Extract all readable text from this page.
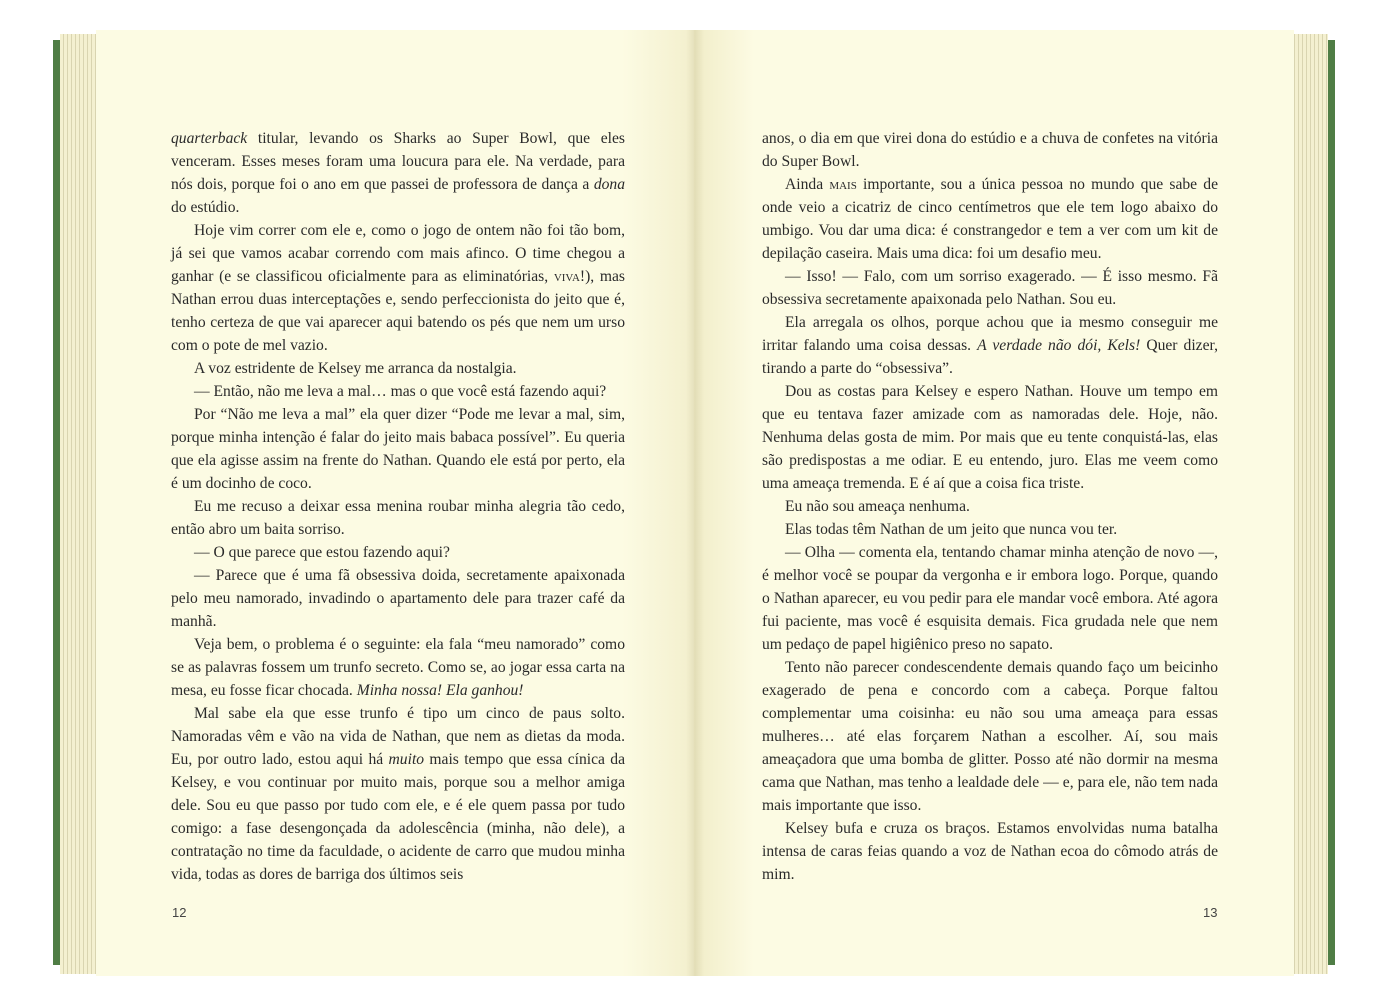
quarterback titular, levando os Sharks ao Super Bowl, que eles venceram. Esses meses foram uma loucura para ele. Na verdade, para nós dois, porque foi o ano em que passei de professora de dança a dona do estúdio.

Hoje vim correr com ele e, como o jogo de ontem não foi tão bom, já sei que vamos acabar correndo com mais afinco. O time chegou a ganhar (e se classificou oficialmente para as eliminatórias, viva!), mas Nathan errou duas interceptações e, sendo perfeccionista do jeito que é, tenho certeza de que vai aparecer aqui batendo os pés que nem um urso com o pote de mel vazio.

A voz estridente de Kelsey me arranca da nostalgia.

— Então, não me leva a mal… mas o que você está fazendo aqui?

Por “Não me leva a mal” ela quer dizer “Pode me levar a mal, sim, porque minha intenção é falar do jeito mais babaca possível”. Eu queria que ela agisse assim na frente do Nathan. Quando ele está por perto, ela é um docinho de coco.

Eu me recuso a deixar essa menina roubar minha alegria tão cedo, então abro um baita sorriso.

— O que parece que estou fazendo aqui?

— Parece que é uma fã obsessiva doida, secretamente apaixonada pelo meu namorado, invadindo o apartamento dele para trazer café da manhã.

Veja bem, o problema é o seguinte: ela fala “meu namorado” como se as palavras fossem um trunfo secreto. Como se, ao jogar essa carta na mesa, eu fosse ficar chocada. Minha nossa! Ela ganhou!

Mal sabe ela que esse trunfo é tipo um cinco de paus solto. Namoradas vêm e vão na vida de Nathan, que nem as dietas da moda. Eu, por outro lado, estou aqui há muito mais tempo que essa cínica da Kelsey, e vou continuar por muito mais, porque sou a melhor amiga dele. Sou eu que passo por tudo com ele, e é ele quem passa por tudo comigo: a fase desengonçada da adolescência (minha, não dele), a contratação no time da faculdade, o acidente de carro que mudou minha vida, todas as dores de barriga dos últimos seis

12

anos, o dia em que virei dona do estúdio e a chuva de confetes na vitória do Super Bowl.

Ainda mais importante, sou a única pessoa no mundo que sabe de onde veio a cicatriz de cinco centímetros que ele tem logo abaixo do umbigo. Vou dar uma dica: é constrangedor e tem a ver com um kit de depilação caseira. Mais uma dica: foi um desafio meu.

— Isso! — Falo, com um sorriso exagerado. — É isso mesmo. Fã obsessiva secretamente apaixonada pelo Nathan. Sou eu.

Ela arregala os olhos, porque achou que ia mesmo conseguir me irritar falando uma coisa dessas. A verdade não dói, Kels! Quer dizer, tirando a parte do “obsessiva”.

Dou as costas para Kelsey e espero Nathan. Houve um tempo em que eu tentava fazer amizade com as namoradas dele. Hoje, não. Nenhuma delas gosta de mim. Por mais que eu tente conquistá-las, elas são predispostas a me odiar. E eu entendo, juro. Elas me veem como uma ameaça tremenda. E é aí que a coisa fica triste.

Eu não sou ameaça nenhuma.

Elas todas têm Nathan de um jeito que nunca vou ter.

— Olha — comenta ela, tentando chamar minha atenção de novo —, é melhor você se poupar da vergonha e ir embora logo. Porque, quando o Nathan aparecer, eu vou pedir para ele mandar você embora. Até agora fui paciente, mas você é esquisita demais. Fica grudada nele que nem um pedaço de papel higiênico preso no sapato.

Tento não parecer condescendente demais quando faço um beicinho exagerado de pena e concordo com a cabeça. Porque faltou complementar uma coisinha: eu não sou uma ameaça para essas mulheres… até elas forçarem Nathan a escolher. Aí, sou mais ameaçadora que uma bomba de glitter. Posso até não dormir na mesma cama que Nathan, mas tenho a lealdade dele — e, para ele, não tem nada mais importante que isso.

Kelsey bufa e cruza os braços. Estamos envolvidas numa batalha intensa de caras feias quando a voz de Nathan ecoa do cômodo atrás de mim.

13
